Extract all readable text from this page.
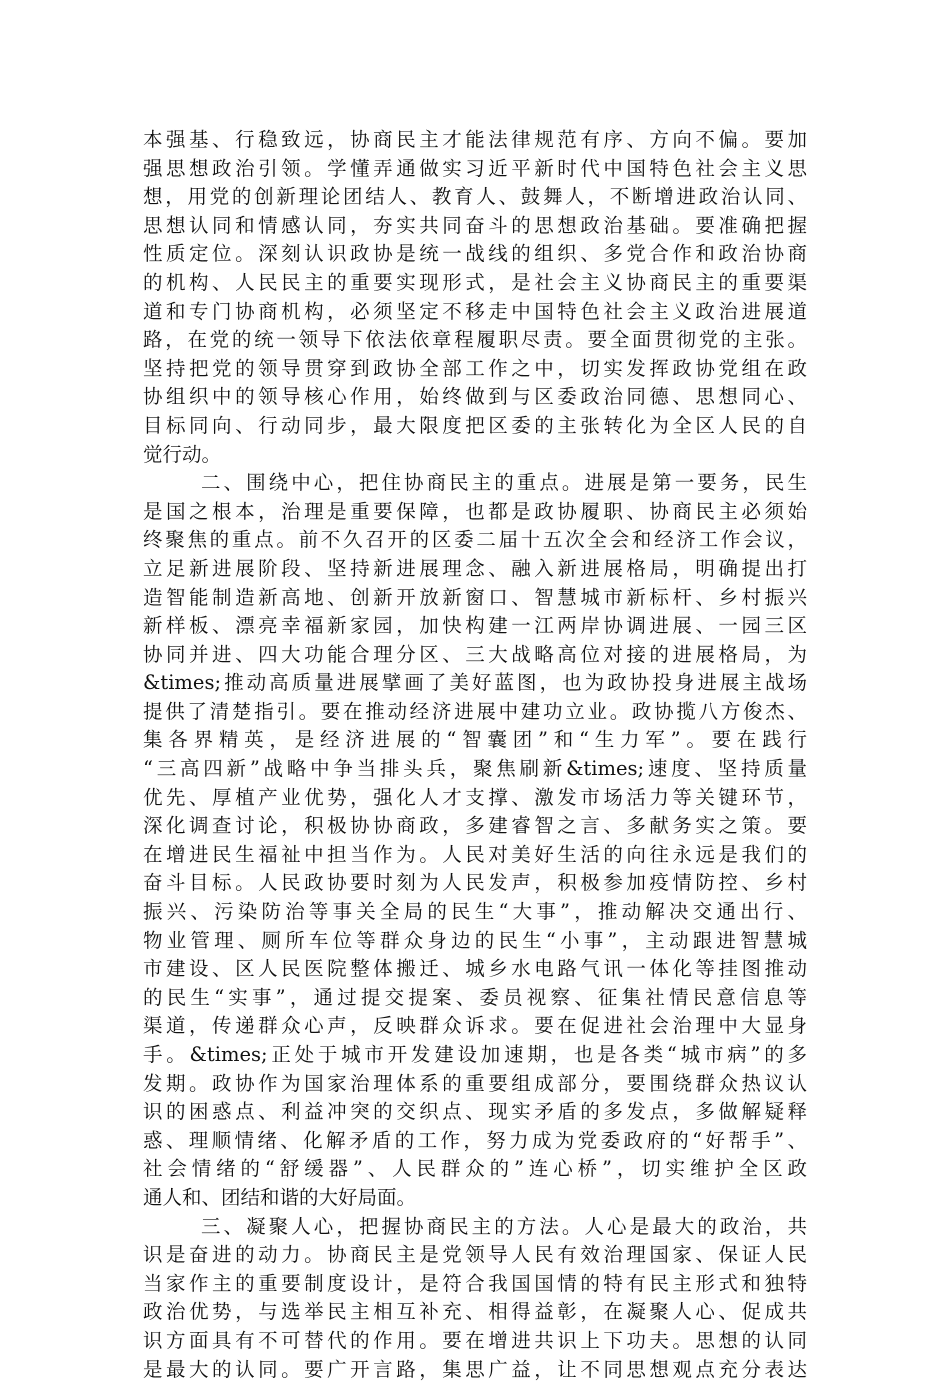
本强基、行稳致远，协商民主才能法律规范有序、方向不偏。要加
强思想政治引领。学懂弄通做实习近平新时代中国特色社会主义思
想，用党的创新理论团结人、教育人、鼓舞人，不断增进政治认同、
思想认同和情感认同，夯实共同奋斗的思想政治基础。要准确把握
性质定位。深刻认识政协是统一战线的组织、多党合作和政治协商
的机构、人民民主的重要实现形式，是社会主义协商民主的重要渠
道和专门协商机构，必须坚定不移走中国特色社会主义政治进展道
路，在党的统一领导下依法依章程履职尽责。要全面贯彻党的主张。
坚持把党的领导贯穿到政协全部工作之中，切实发挥政协党组在政
协组织中的领导核心作用，始终做到与区委政治同德、思想同心、
目标同向、行动同步，最大限度把区委的主张转化为全区人民的自
觉行动。
二、围绕中心，把住协商民主的重点。进展是第一要务，民生
是国之根本，治理是重要保障，也都是政协履职、协商民主必须始
终聚焦的重点。前不久召开的区委二届十五次全会和经济工作会议，
立足新进展阶段、坚持新进展理念、融入新进展格局，明确提出打
造智能制造新高地、创新开放新窗口、智慧城市新标杆、乡村振兴
新样板、漂亮幸福新家园，加快构建一江两岸协调进展、一园三区
协同并进、四大功能合理分区、三大战略高位对接的进展格局，为
&times;推动高质量进展擘画了美好蓝图，也为政协投身进展主战场
提供了清楚指引。要在推动经济进展中建功立业。政协揽八方俊杰、
集各界精英，是经济进展的“智囊团”和“生力军”。要在践行
“三高四新”战略中争当排头兵，聚焦刷新&times;速度、坚持质量
优先、厚植产业优势，强化人才支撑、激发市场活力等关键环节，
深化调查讨论，积极协协商政，多建睿智之言、多献务实之策。要
在增进民生福祉中担当作为。人民对美好生活的向往永远是我们的
奋斗目标。人民政协要时刻为人民发声，积极参加疫情防控、乡村
振兴、污染防治等事关全局的民生“大事”，推动解决交通出行、
物业管理、厕所车位等群众身边的民生“小事”，主动跟进智慧城
市建设、区人民医院整体搬迁、城乡水电路气讯一体化等挂图推动
的民生“实事”，通过提交提案、委员视察、征集社情民意信息等
渠道，传递群众心声，反映群众诉求。要在促进社会治理中大显身
手。&times;正处于城市开发建设加速期，也是各类“城市病”的多
发期。政协作为国家治理体系的重要组成部分，要围绕群众热议认
识的困惑点、利益冲突的交织点、现实矛盾的多发点，多做解疑释
惑、理顺情绪、化解矛盾的工作，努力成为党委政府的“好帮手”、
社会情绪的“舒缓器”、人民群众的”连心桥”，切实维护全区政
通人和、团结和谐的大好局面。
三、凝聚人心，把握协商民主的方法。人心是最大的政治，共
识是奋进的动力。协商民主是党领导人民有效治理国家、保证人民
当家作主的重要制度设计，是符合我国国情的特有民主形式和独特
政治优势，与选举民主相互补充、相得益彰，在凝聚人心、促成共
识方面具有不可替代的作用。要在增进共识上下功夫。思想的认同
是最大的认同。要广开言路，集思广益，让不同思想观点充分表达
